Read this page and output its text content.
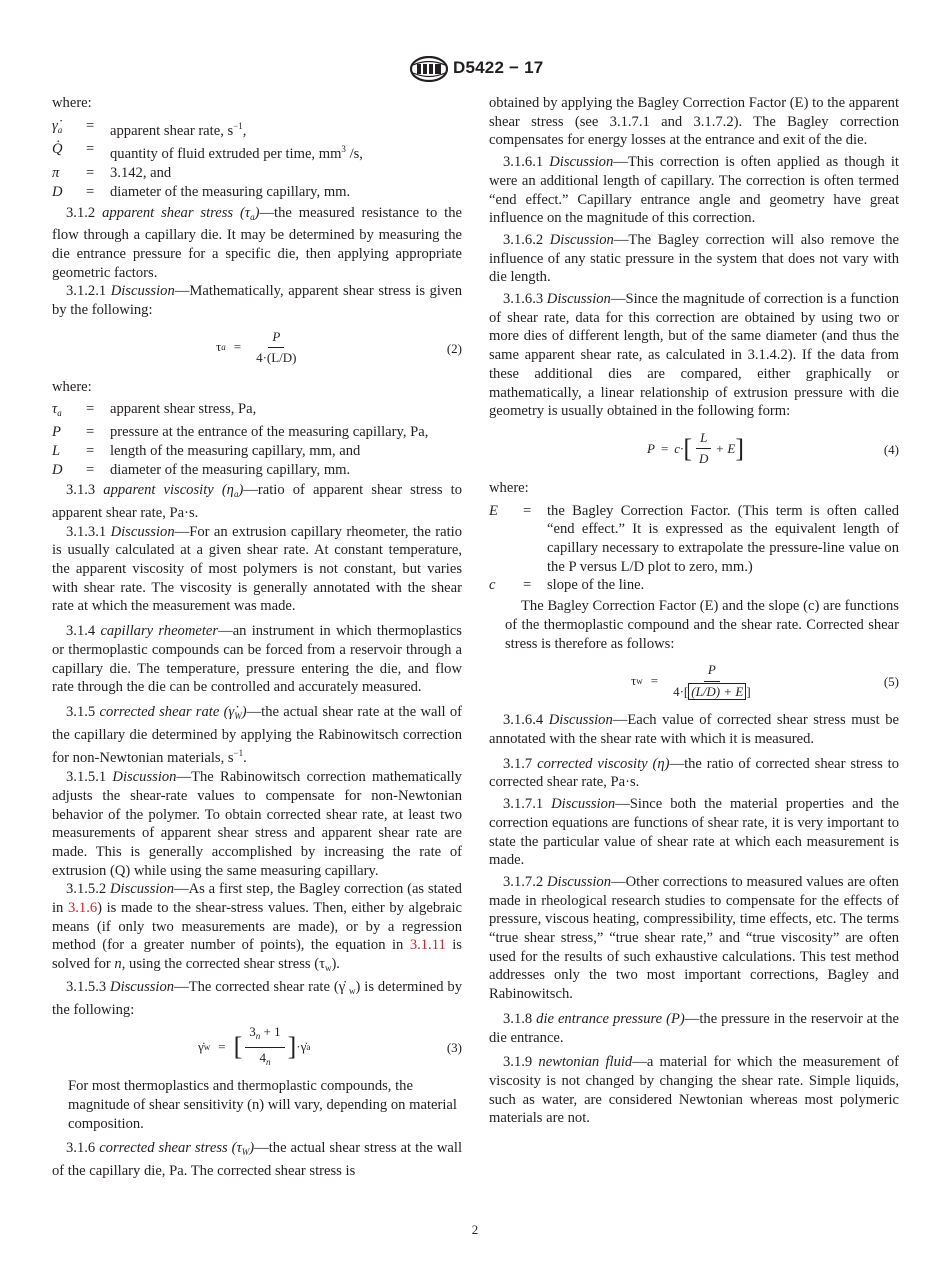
D5422 − 17

where:

$\gammȧ_a$	=	apparent shear rate, $s^{-1}$,
Q̇	=	quantity of fluid extruded per time, $mm^3$ /s,
π	=	3.142, and
D	=	diameter of the measuring capillary, mm.

3.1.2 apparent shear stress $(\tau_a)—the$ measured resistance to the flow through a capillary die. It may be determined by measuring the die entrance pressure for a specific die, then applying appropriate geometric factors.

3.1.2.1 Discussion—Mathematically, apparent shear stress is given by the following:

τ $a = \frac{P}{4\cdot(L/D)}$	(2)

where:

$\tau_a$	=	apparent shear stress, Pa,
P	=	pressure at the entrance of the measuring capillary, Pa,
L	=	length of the measuring capillary, mm, and
D	=	diameter of the measuring capillary, mm.

3.1.3 apparent viscosity $(\eta_a)—ratio$ of apparent shear stress to apparent shear rate, Pa·s.

3.1.3.1 Discussion—For an extrusion capillary rheometer, the ratio is usually calculated at a given shear rate. At constant temperature, the apparent viscosity of most polymers is not constant, but varies with shear rate. The viscosity is generally annotated with the shear rate at which the measurement was made.

3.1.4 capillary rheometer—an instrument in which thermoplastics or thermoplastic compounds can be forced from a reservoir through a capillary die. The temperature, pressure entering the die, and flow rate through the die can be controlled and accurately measured.

3.1.5 corrected shear rate $(\gammȧ_W)—the$ actual shear rate at the wall of the capillary die determined by applying the Rabinowitsch correction for non-Newtonian materials, $s^{-1}$.

3.1.5.1 Discussion—The Rabinowitsch correction mathematically adjusts the shear-rate values to compensate for non-Newtonian behavior of the polymer. To obtain corrected shear rate, at least two measurements of apparent shear stress and apparent shear rate are made. This is generally accomplished by increasing the rate of extrusion (Q) while using the same measuring capillary.

3.1.5.2 Discussion—As a first step, the Bagley correction (as stated in 3.1.6) is made to the shear-stress values. Then, either by algebraic means (if only two measurements are made), or by a regression method (for a greater number of points), the equation in 3.1.11 is solved for n, using the corrected shear stress $(\tau_w)$.

3.1.5.3 Discussion—The corrected shear rate (γ̇ $_w$) is determined by the following:

γ̇ w = [ $\frac{3_n + 1}{4_n}$ ] ·γ̇ a	(3)

For most thermoplastics and thermoplastic compounds, the magnitude of shear sensitivity (n) will vary, depending on material composition.

3.1.6 corrected shear stress $(\tau_W)—the$ actual shear stress at the wall of the capillary die, Pa. The corrected shear stress is

obtained by applying the Bagley Correction Factor (E) to the apparent shear stress (see 3.1.7.1 and 3.1.7.2). The Bagley correction compensates for energy losses at the entrance and exit of the die.

3.1.6.1 Discussion—This correction is often applied as though it were an additional length of capillary. The correction is often termed “end effect.” Capillary entrance angle and geometry have great influence on the magnitude of this correction.

3.1.6.2 Discussion—The Bagley correction will also remove the influence of any static pressure in the system that does not vary with die length.

3.1.6.3 Discussion—Since the magnitude of correction is a function of shear rate, data for this correction are obtained by using two or more dies of different length, but of the same diameter (and thus the same apparent shear rate, as calculated in 3.1.4.2). If the data from these additional dies are compared, either graphically or mathematically, a linear relationship of extrusion pressure with die geometry is usually obtained in the following form:

P = c· [ $\frac{L}{D} + E$ ]	(4)

where:

E	=	the Bagley Correction Factor. (This term is often called “end effect.” It is expressed as the equivalent length of capillary necessary to extrapolate the pressure-line value on the P versus L/D plot to zero, mm.)
c	=	slope of the line.

The Bagley Correction Factor (E) and the slope (c) are functions of the thermoplastic compound and the shear rate. Corrected shear stress is therefore as follows:

τ $w = \frac{P}{4\cdot[ (L/D) + E ]}$	(5)

3.1.6.4 Discussion—Each value of corrected shear stress must be annotated with the shear rate with which it is measured.

3.1.7 corrected viscosity (η)—the ratio of corrected shear stress to corrected shear rate, Pa·s.

3.1.7.1 Discussion—Since both the material properties and the correction equations are functions of shear rate, it is very important to state the particular value of shear rate at which each measurement is made.

3.1.7.2 Discussion—Other corrections to measured values are often made in rheological research studies to compensate for the effects of pressure, viscous heating, compressibility, time effects, etc. The terms “true shear stress,” “true shear rate,” and “true viscosity” are often used for the results of such exhaustive calculations. This test method addresses only the two most important corrections, Bagley and Rabinowitsch.

3.1.8 die entrance pressure (P)—the pressure in the reservoir at the die entrance.

3.1.9 newtonian fluid—a material for which the measurement of viscosity is not changed by changing the shear rate. Simple liquids, such as water, are considered Newtonian whereas most polymeric materials are not.

2
